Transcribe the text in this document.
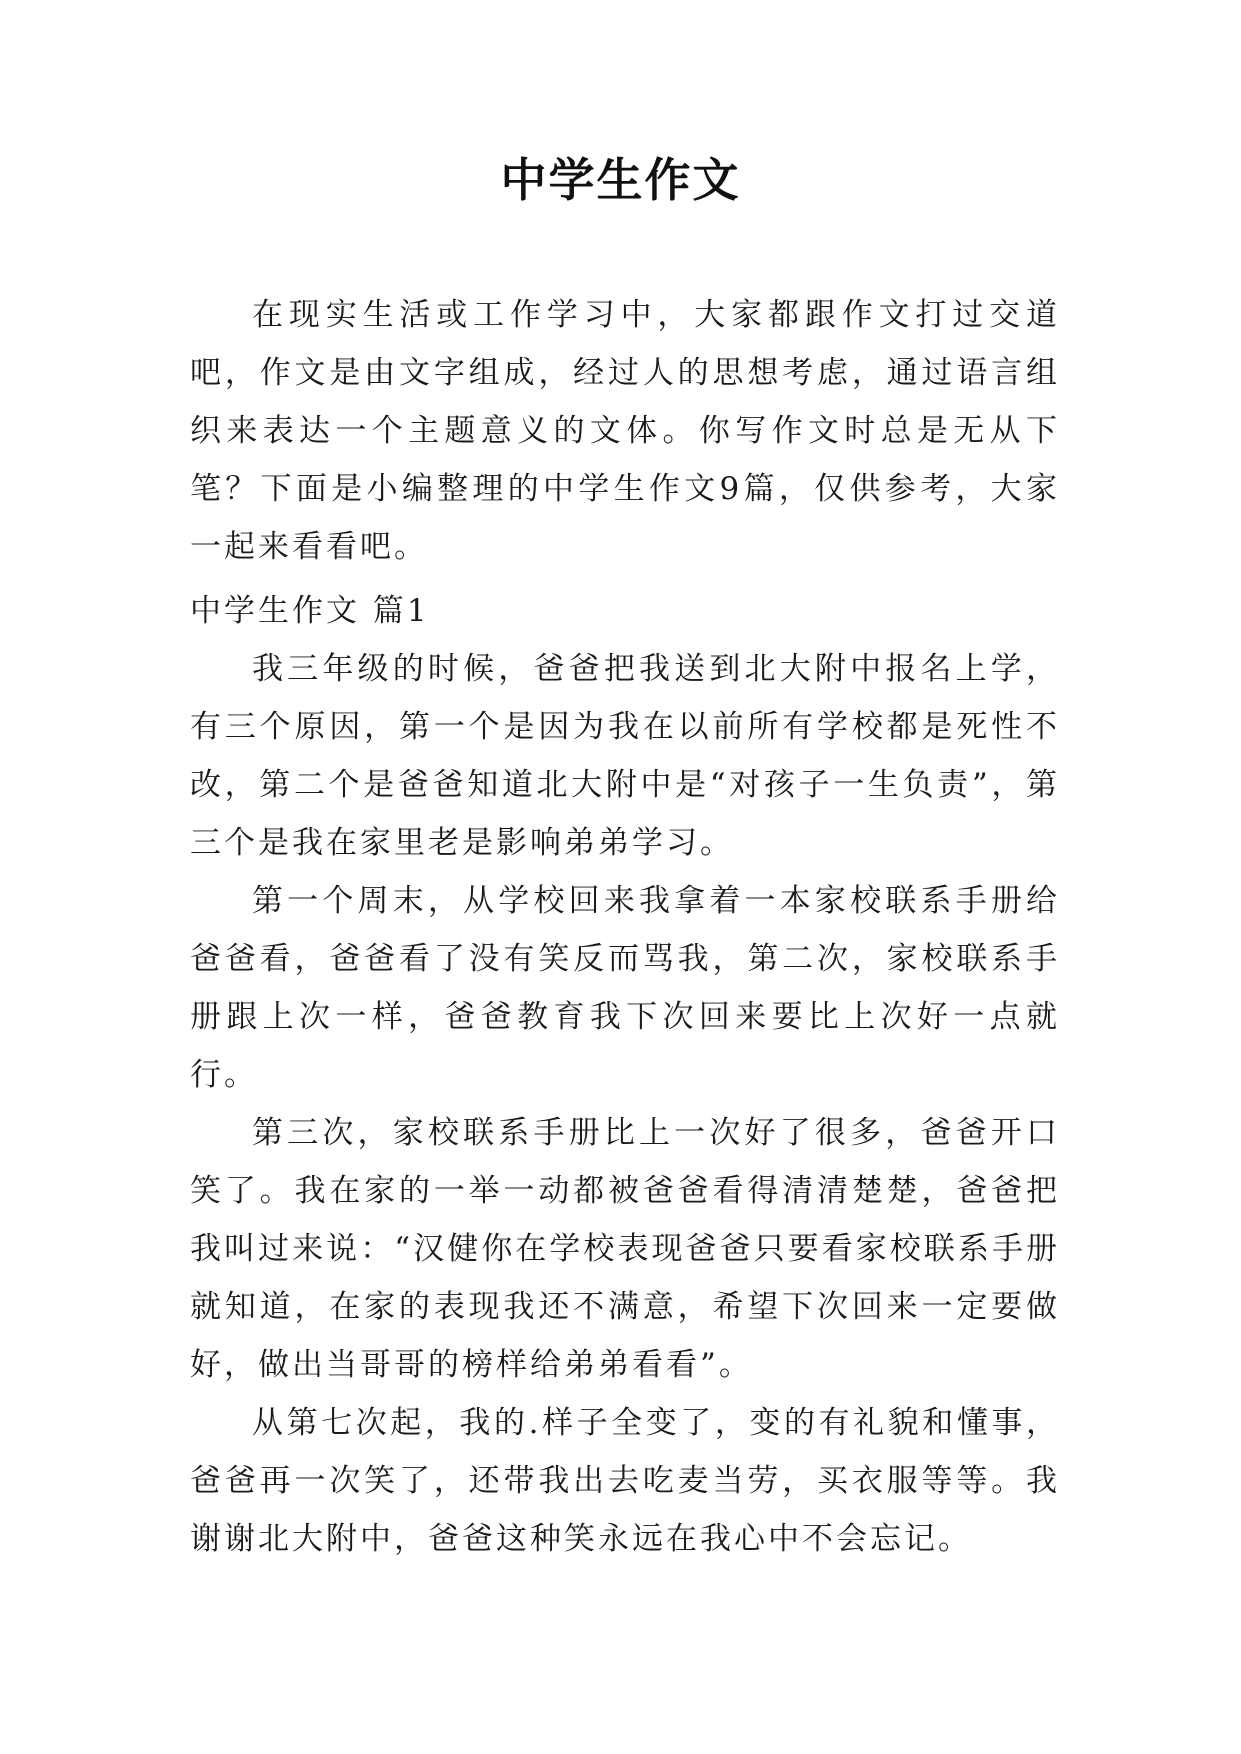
中学生作文

在现实生活或工作学习中，大家都跟作文打过交道吧，作文是由文字组成，经过人的思想考虑，通过语言组织来表达一个主题意义的文体。你写作文时总是无从下笔？下面是小编整理的中学生作文9篇，仅供参考，大家一起来看看吧。

中学生作文 篇1

我三年级的时候，爸爸把我送到北大附中报名上学，有三个原因，第一个是因为我在以前所有学校都是死性不改，第二个是爸爸知道北大附中是“对孩子一生负责”，第三个是我在家里老是影响弟弟学习。

第一个周末，从学校回来我拿着一本家校联系手册给爸爸看，爸爸看了没有笑反而骂我，第二次，家校联系手册跟上次一样，爸爸教育我下次回来要比上次好一点就行。

第三次，家校联系手册比上一次好了很多，爸爸开口笑了。我在家的一举一动都被爸爸看得清清楚楚，爸爸把我叫过来说：“汉健你在学校表现爸爸只要看家校联系手册就知道，在家的表现我还不满意，希望下次回来一定要做好，做出当哥哥的榜样给弟弟看看”。

从第七次起，我的.样子全变了，变的有礼貌和懂事，爸爸再一次笑了，还带我出去吃麦当劳，买衣服等等。我谢谢北大附中，爸爸这种笑永远在我心中不会忘记。
